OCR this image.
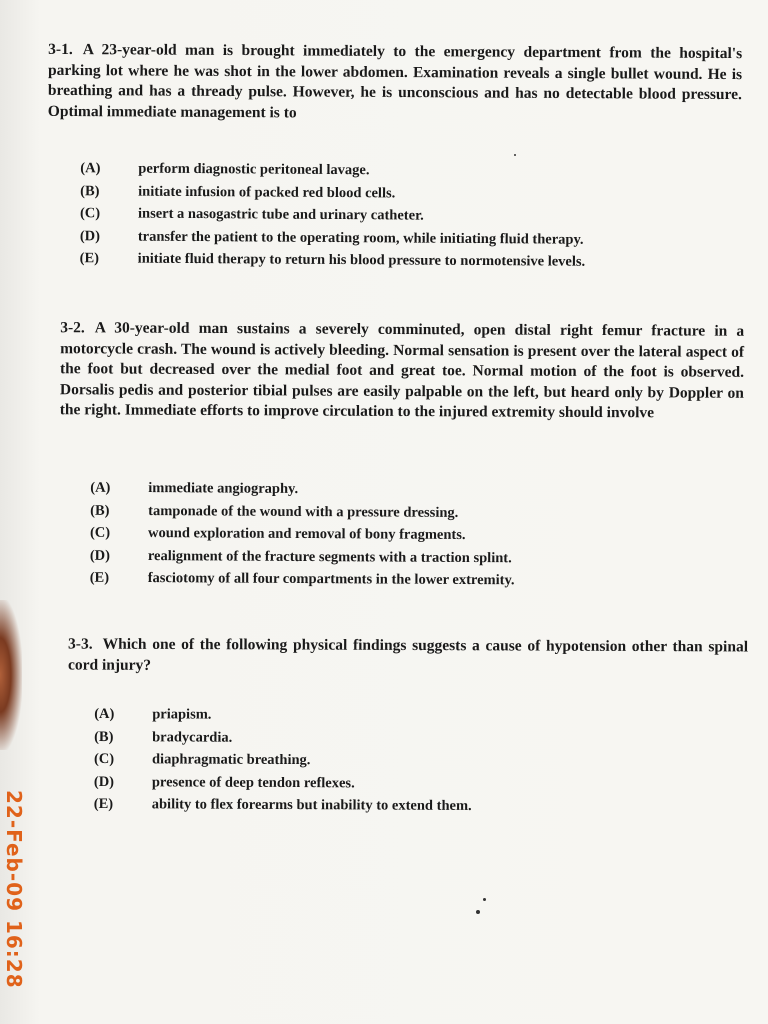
3-1. A 23-year-old man is brought immediately to the emergency department from the hospital's parking lot where he was shot in the lower abdomen. Examination reveals a single bullet wound. He is breathing and has a thready pulse. However, he is unconscious and has no detectable blood pressure. Optimal immediate management is to
(A)	perform diagnostic peritoneal lavage.
(B)	initiate infusion of packed red blood cells.
(C)	insert a nasogastric tube and urinary catheter.
(D)	transfer the patient to the operating room, while initiating fluid therapy.
(E)	initiate fluid therapy to return his blood pressure to normotensive levels.
3-2. A 30-year-old man sustains a severely comminuted, open distal right femur fracture in a motorcycle crash. The wound is actively bleeding. Normal sensation is present over the lateral aspect of the foot but decreased over the medial foot and great toe. Normal motion of the foot is observed. Dorsalis pedis and posterior tibial pulses are easily palpable on the left, but heard only by Doppler on the right. Immediate efforts to improve circulation to the injured extremity should involve
(A)	immediate angiography.
(B)	tamponade of the wound with a pressure dressing.
(C)	wound exploration and removal of bony fragments.
(D)	realignment of the fracture segments with a traction splint.
(E)	fasciotomy of all four compartments in the lower extremity.
3-3. Which one of the following physical findings suggests a cause of hypotension other than spinal cord injury?
(A)	priapism.
(B)	bradycardia.
(C)	diaphragmatic breathing.
(D)	presence of deep tendon reflexes.
(E)	ability to flex forearms but inability to extend them.
22-Feb-09 16:28
